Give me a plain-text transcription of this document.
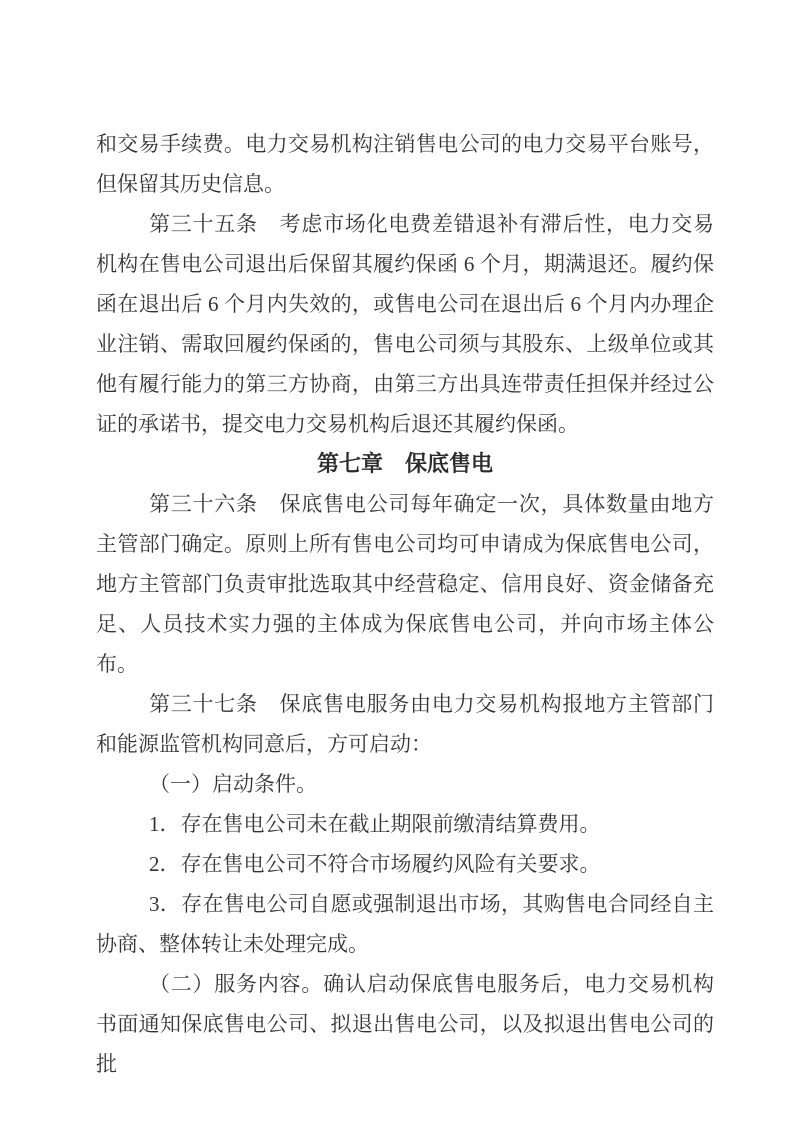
和交易手续费。电力交易机构注销售电公司的电力交易平台账号，但保留其历史信息。

第三十五条　考虑市场化电费差错退补有滞后性，电力交易机构在售电公司退出后保留其履约保函 6 个月，期满退还。履约保函在退出后 6 个月内失效的，或售电公司在退出后 6 个月内办理企业注销、需取回履约保函的，售电公司须与其股东、上级单位或其他有履行能力的第三方协商，由第三方出具连带责任担保并经过公证的承诺书，提交电力交易机构后退还其履约保函。

第七章　保底售电

第三十六条　保底售电公司每年确定一次，具体数量由地方主管部门确定。原则上所有售电公司均可申请成为保底售电公司，地方主管部门负责审批选取其中经营稳定、信用良好、资金储备充足、人员技术实力强的主体成为保底售电公司，并向市场主体公布。

第三十七条　保底售电服务由电力交易机构报地方主管部门和能源监管机构同意后，方可启动：

（一）启动条件。

1．存在售电公司未在截止期限前缴清结算费用。

2．存在售电公司不符合市场履约风险有关要求。

3．存在售电公司自愿或强制退出市场，其购售电合同经自主协商、整体转让未处理完成。

（二）服务内容。确认启动保底售电服务后，电力交易机构书面通知保底售电公司、拟退出售电公司，以及拟退出售电公司的批
